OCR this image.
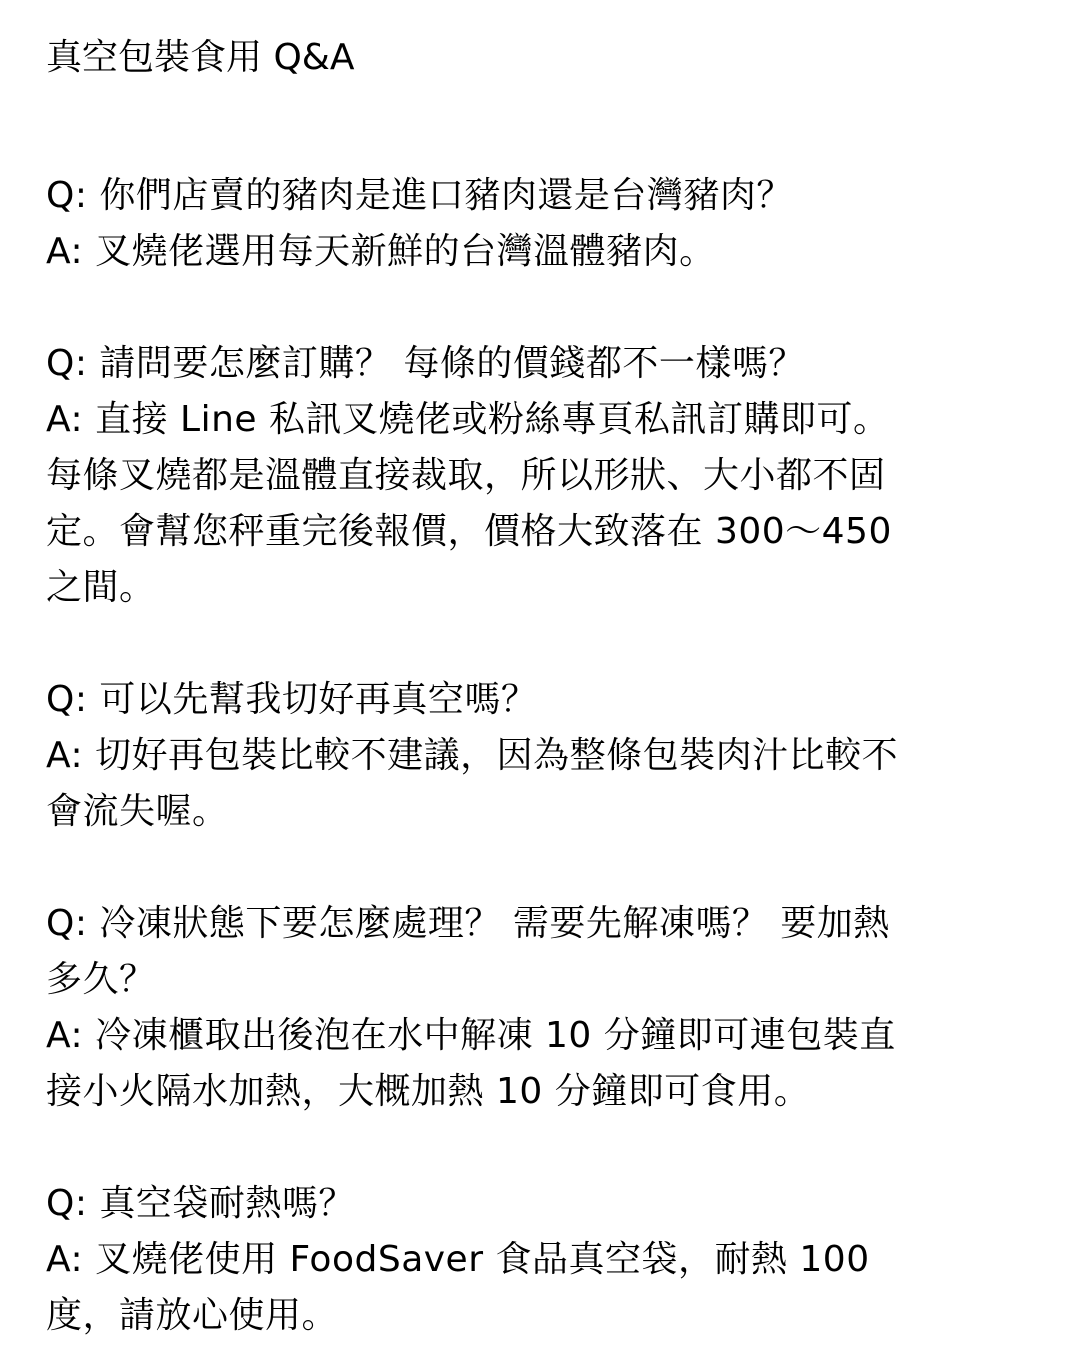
真空包裝食用 Q&A
Q: 你們店賣的豬肉是進口豬肉還是台灣豬肉？
A: 叉燒佬選用每天新鮮的台灣溫體豬肉。
Q: 請問要怎麼訂購？ 每條的價錢都不一樣嗎？
A: 直接 Line 私訊叉燒佬或粉絲專頁私訊訂購即可。
每條叉燒都是溫體直接裁取，所以形狀、大小都不固
定。會幫您秤重完後報價，價格大致落在 300～450
之間。
Q: 可以先幫我切好再真空嗎？
A: 切好再包裝比較不建議，因為整條包裝肉汁比較不
會流失喔。
Q: 冷凍狀態下要怎麼處理？ 需要先解凍嗎？ 要加熱
多久？
A: 冷凍櫃取出後泡在水中解凍 10 分鐘即可連包裝直
接小火隔水加熱，大概加熱 10 分鐘即可食用。
Q: 真空袋耐熱嗎？
A: 叉燒佬使用 FoodSaver 食品真空袋，耐熱 100
度，請放心使用。
